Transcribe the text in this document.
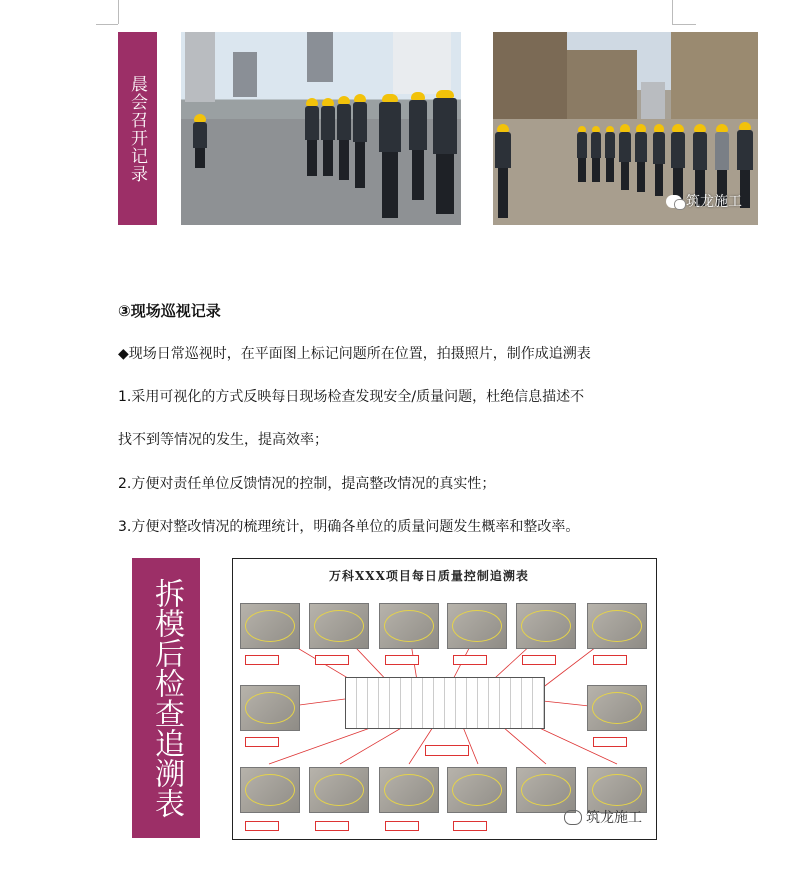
晨会召开记录
筑龙施工
③现场巡视记录
◆现场日常巡视时，在平面图上标记问题所在位置，拍摄照片，制作成追溯表
1.采用可视化的方式反映每日现场检查发现安全/质量问题，杜绝信息描述不
找不到等情况的发生，提高效率；
2.方便对责任单位反馈情况的控制，提高整改情况的真实性；
3.方便对整改情况的梳理统计，明确各单位的质量问题发生概率和整改率。
拆模后检查追溯表
万科XXX项目每日质量控制追溯表
筑龙施工
